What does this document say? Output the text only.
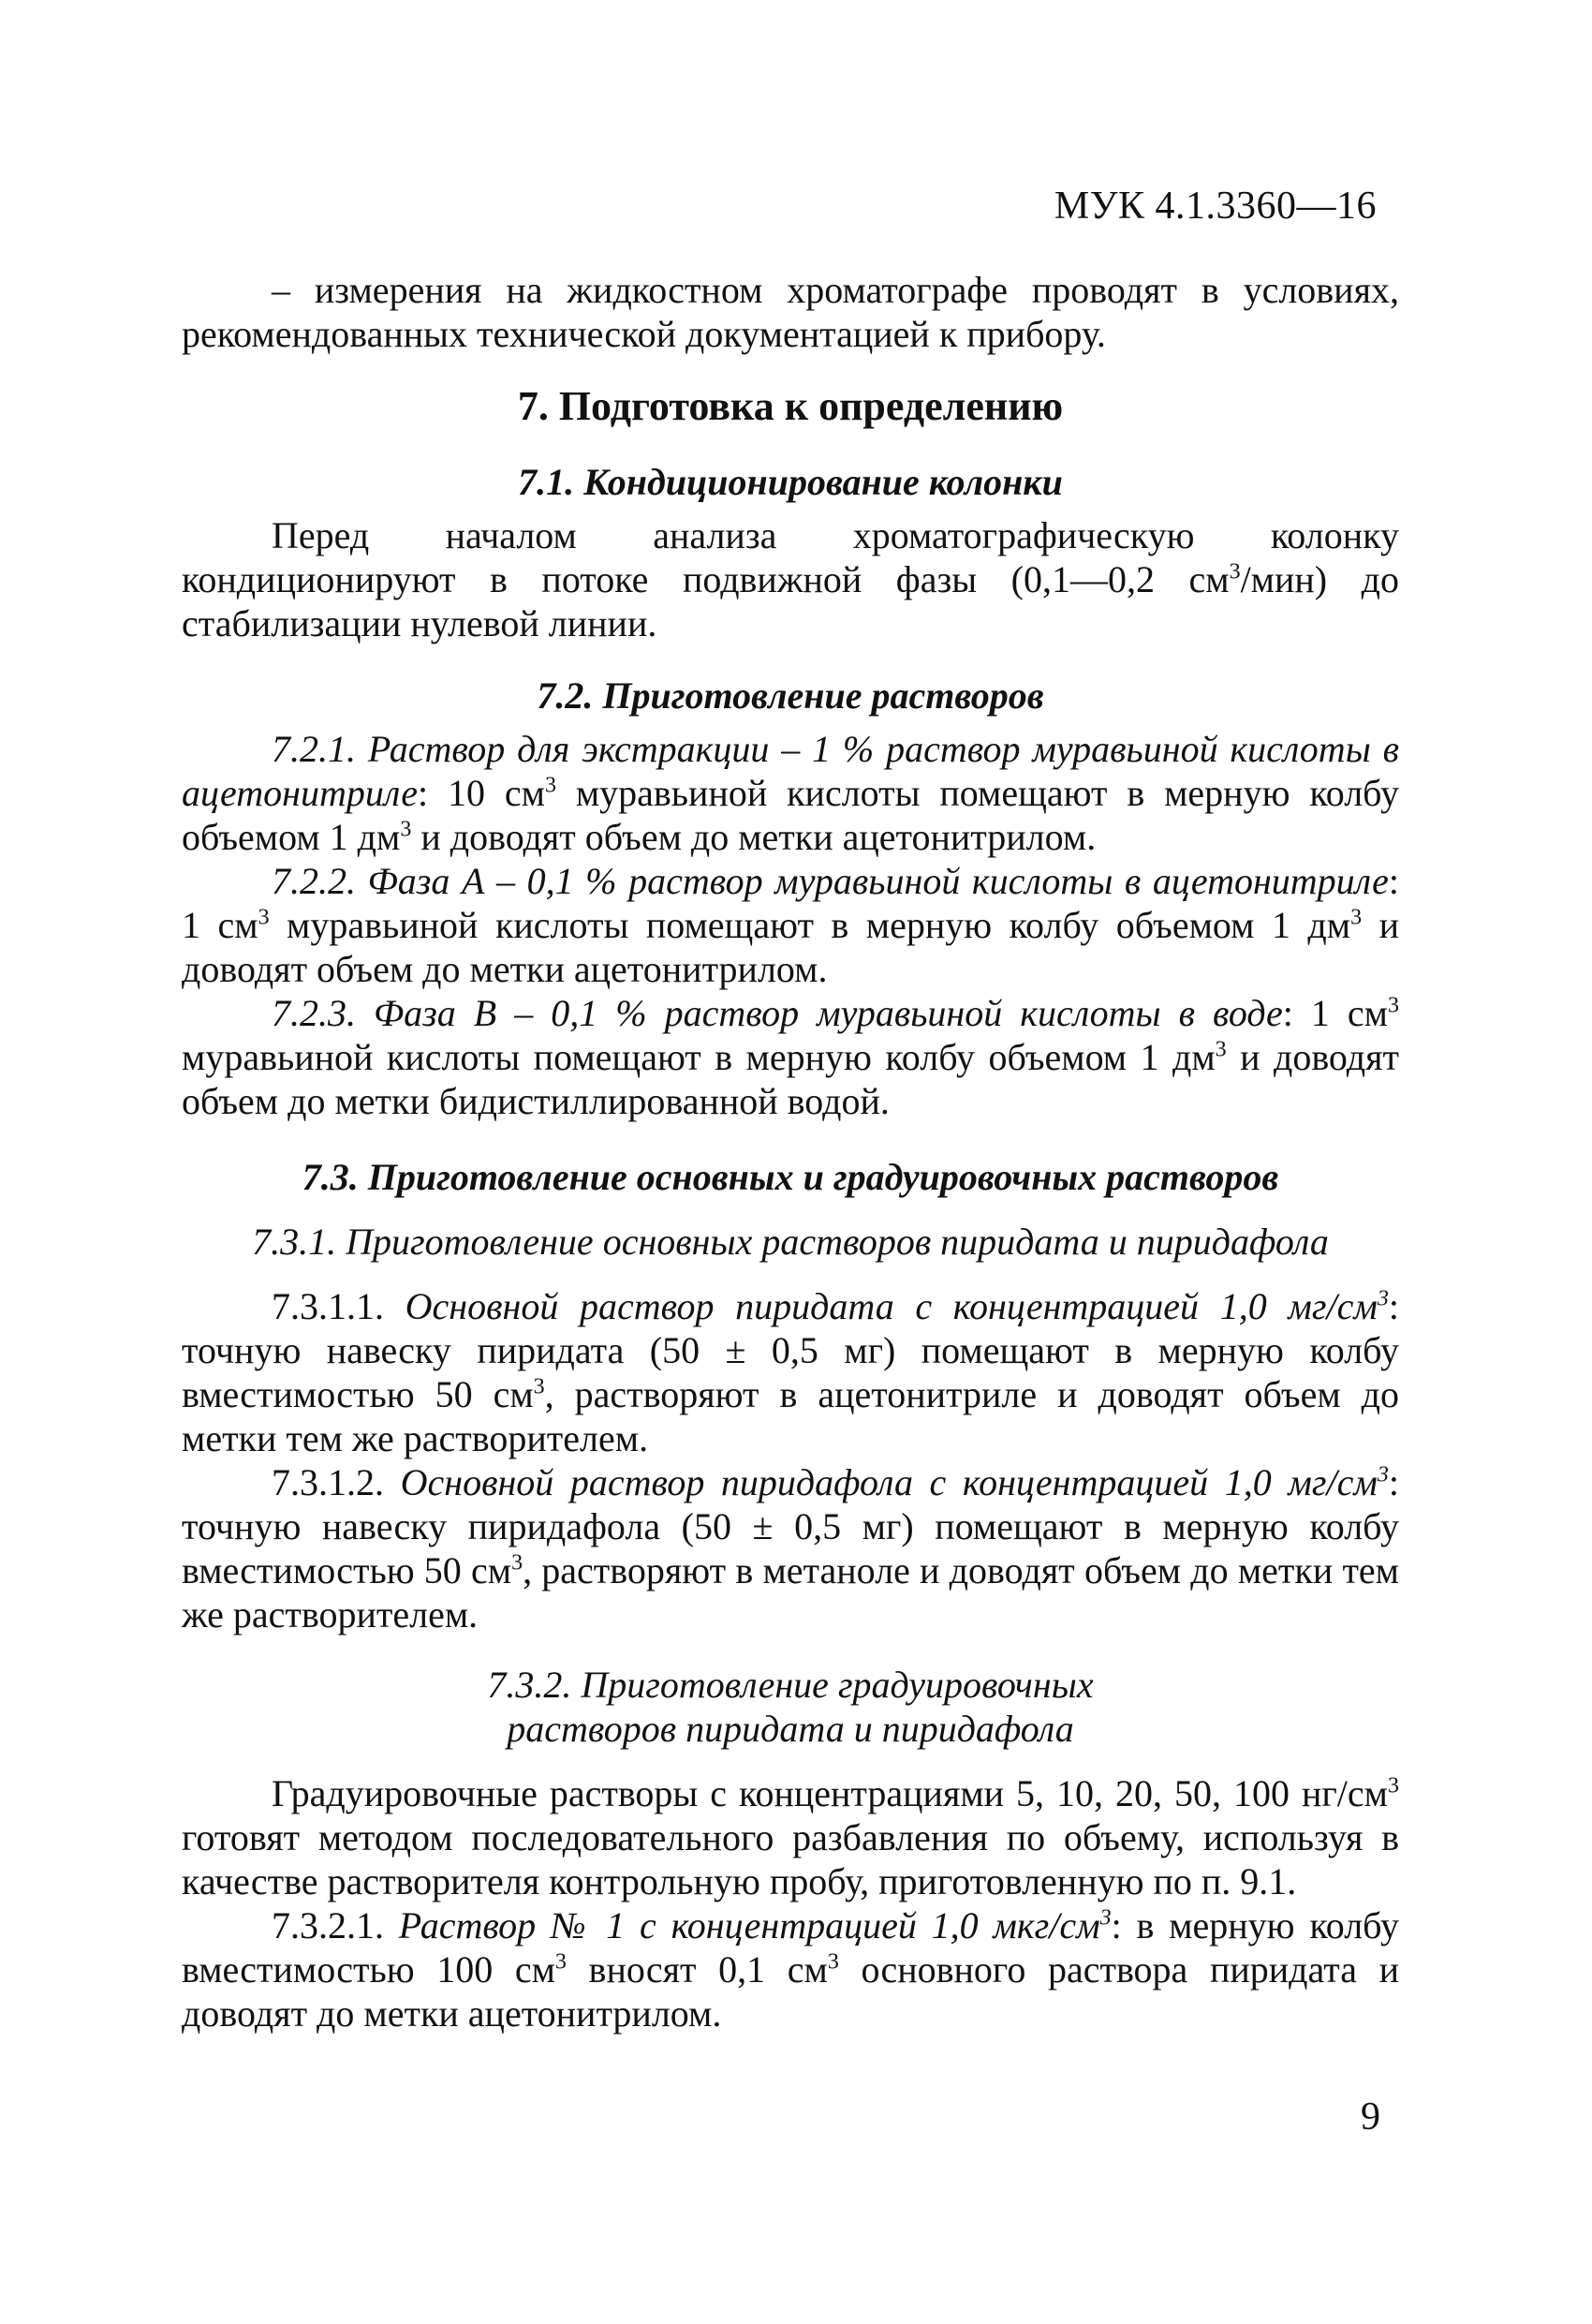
МУК 4.1.3360—16

– измерения на жидкостном хроматографе проводят в условиях, рекомендованных технической документацией к прибору.

7. Подготовка к определению
7.1. Кондиционирование колонки

Перед началом анализа хроматографическую колонку кондиционируют в потоке подвижной фазы (0,1—0,2 $см^3/мин$) до стабилизации нулевой линии.

7.2. Приготовление растворов

7.2.1. Раствор для экстракции – 1 % раствор муравьиной кислоты в ацетонитриле: 10 $см^3$ муравьиной кислоты помещают в мерную колбу объемом 1 $дм^3$ и доводят объем до метки ацетонитрилом.

7.2.2. Фаза А – 0,1 % раствор муравьиной кислоты в ацетонитриле: 1 $см^3$ муравьиной кислоты помещают в мерную колбу объемом 1 $дм^3$ и доводят объем до метки ацетонитрилом.

7.2.3. Фаза В – 0,1 % раствор муравьиной кислоты в воде: 1 $см^3$ муравьиной кислоты помещают в мерную колбу объемом 1 $дм^3$ и доводят объем до метки бидистиллированной водой.

7.3. Приготовление основных и градуировочных растворов
7.3.1. Приготовление основных растворов пиридата и пиридафола

7.3.1.1. Основной раствор пиридата с концентрацией 1,0 $мг/см^3$: точную навеску пиридата (50 ± 0,5 мг) помещают в мерную колбу вместимостью 50 $см^3$, растворяют в ацетонитриле и доводят объем до метки тем же растворителем.

7.3.1.2. Основной раствор пиридафола с концентрацией 1,0 $мг/см^3$: точную навеску пиридафола (50 ± 0,5 мг) помещают в мерную колбу вместимостью 50 $см^3$, растворяют в метаноле и доводят объем до метки тем же растворителем.

7.3.2. Приготовление градуировочных
растворов пиридата и пиридафола

Градуировочные растворы с концентрациями 5, 10, 20, 50, 100 $нг/см^3$ готовят методом последовательного разбавления по объему, используя в качестве растворителя контрольную пробу, приготовленную по п. 9.1.

7.3.2.1. Раствор № 1 с концентрацией 1,0 мкг/$см^3$: в мерную колбу вместимостью 100 $см^3$ вносят 0,1 $см^3$ основного раствора пиридата и доводят до метки ацетонитрилом.

9
